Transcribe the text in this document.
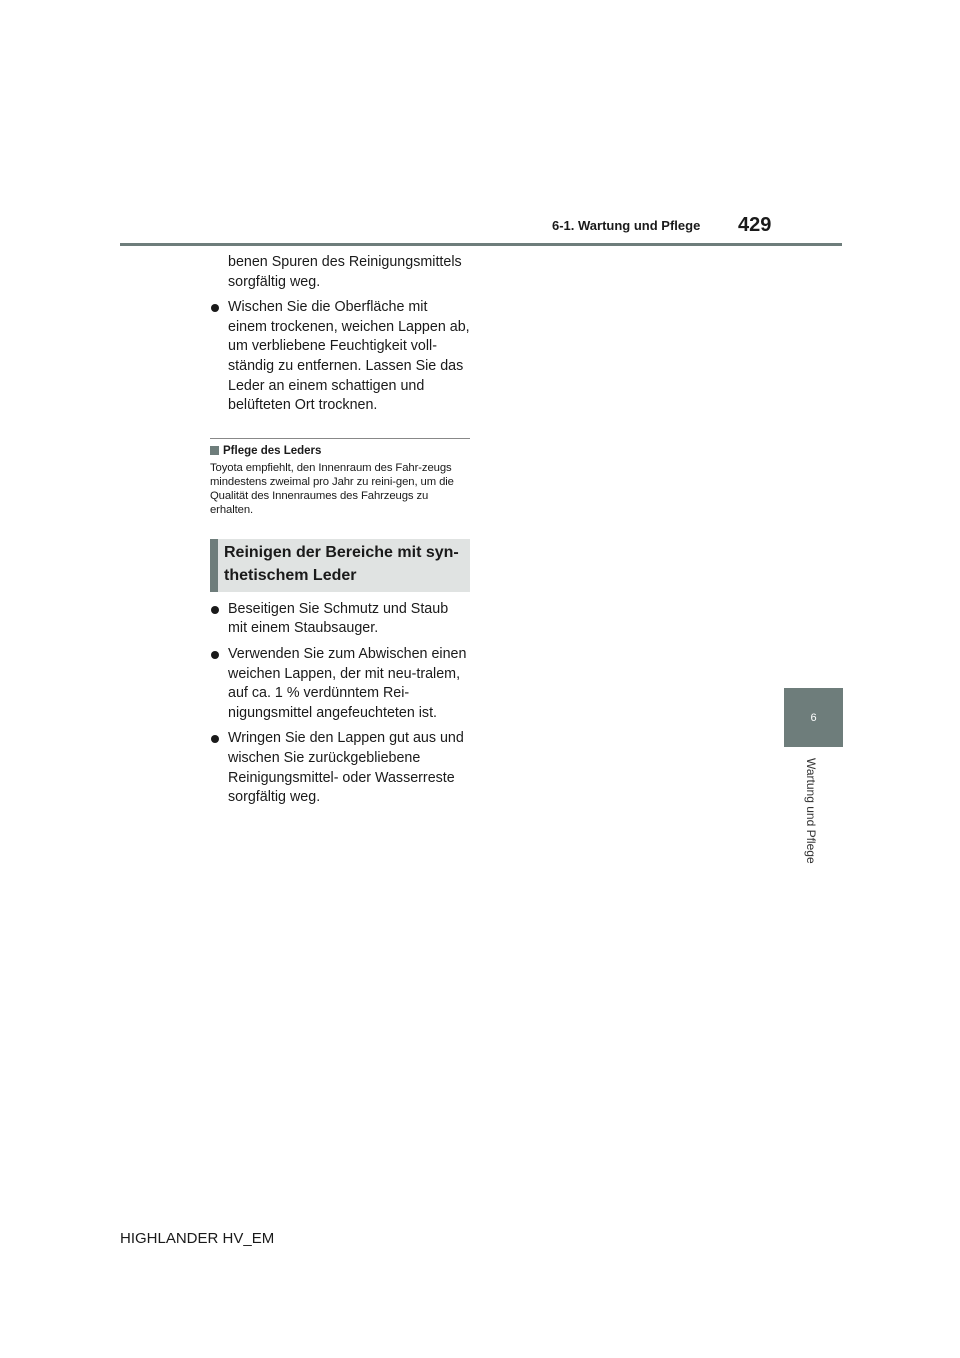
6-1. Wartung und Pflege 429
6
Wartung und Pflege

benen Spuren des Reinigungsmittels sorgfältig weg.

Wischen Sie die Oberfläche mit einem trockenen, weichen Lappen ab, um verbliebene Feuchtigkeit voll-ständig zu entfernen. Lassen Sie das Leder an einem schattigen und belüfteten Ort trocknen.
Pflege des Leders
Toyota empfiehlt, den Innenraum des Fahr-zeugs mindestens zweimal pro Jahr zu reini-gen, um die Qualität des Innenraumes des Fahrzeugs zu erhalten.
Reinigen der Bereiche mit syn-thetischem Leder
Beseitigen Sie Schmutz und Staub mit einem Staubsauger.
Verwenden Sie zum Abwischen einen weichen Lappen, der mit neu-tralem, auf ca. 1 % verdünntem Rei-nigungsmittel angefeuchteten ist.
Wringen Sie den Lappen gut aus und wischen Sie zurückgebliebene Reinigungsmittel- oder Wasserreste sorgfältig weg.
HIGHLANDER HV_EM
